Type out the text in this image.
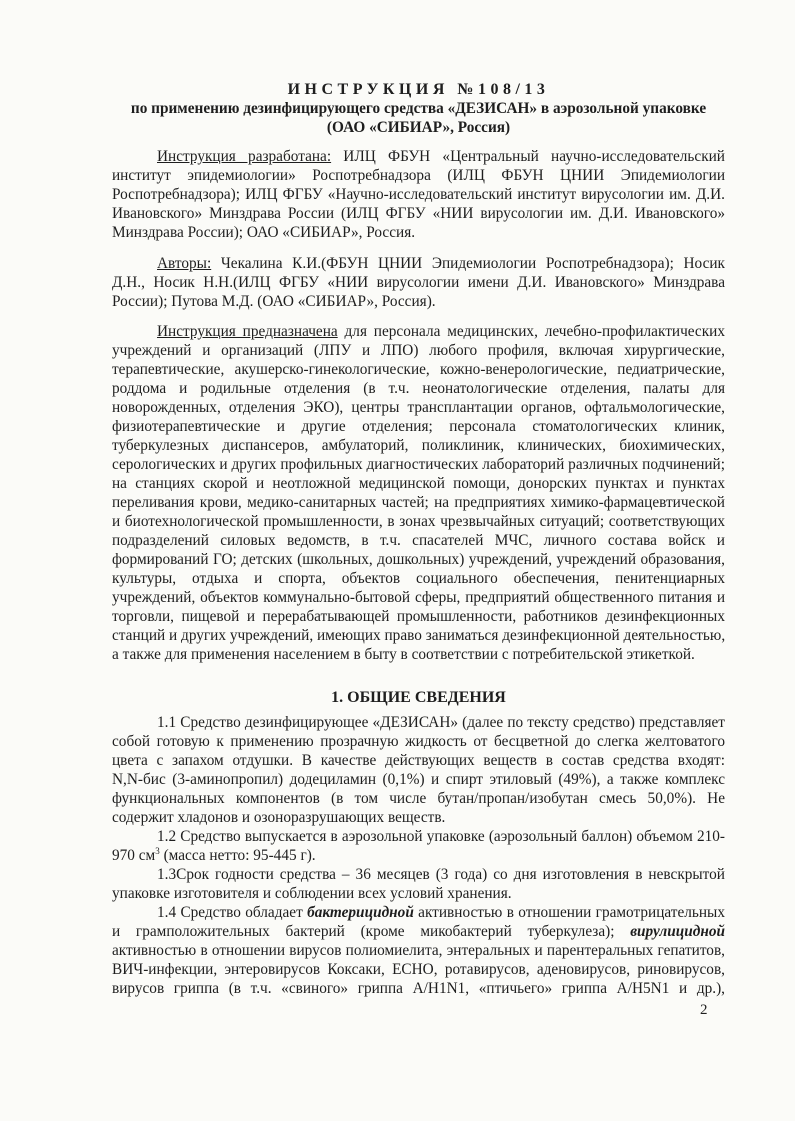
ИНСТРУКЦИЯ №108/13
по применению дезинфицирующего средства «ДЕЗИСАН» в аэрозольной упаковке
(ОАО «СИБИАР», Россия)
Инструкция разработана: ИЛЦ ФБУН «Центральный научно-исследовательский
институт эпидемиологии» Роспотребнадзора (ИЛЦ ФБУН ЦНИИ Эпидемиологии
Роспотребнадзора); ИЛЦ ФГБУ «Научно-исследовательский институт вирусологии им. Д.И.
Ивановского» Минздрава России (ИЛЦ ФГБУ «НИИ вирусологии им. Д.И. Ивановского»
Минздрава России); ОАО «СИБИАР», Россия.
Авторы: Чекалина К.И.(ФБУН ЦНИИ Эпидемиологии Роспотребнадзора); Носик
Д.Н., Носик Н.Н.(ИЛЦ ФГБУ «НИИ вирусологии имени Д.И. Ивановского» Минздрава
России); Путова М.Д. (ОАО «СИБИАР», Россия).
Инструкция предназначена для персонала медицинских, лечебно-профилактических
учреждений и организаций (ЛПУ и ЛПО) любого профиля, включая хирургические,
терапевтические, акушерско-гинекологические, кожно-венерологические, педиатрические,
роддома и родильные отделения (в т.ч. неонатологические отделения, палаты для
новорожденных, отделения ЭКО), центры трансплантации органов, офтальмологические,
физиотерапевтические и другие отделения; персонала стоматологических клиник,
туберкулезных диспансеров, амбулаторий, поликлиник, клинических, биохимических,
серологических и других профильных диагностических лабораторий различных подчинений;
на станциях скорой и неотложной медицинской помощи, донорских пунктах и пунктах
переливания крови, медико-санитарных частей; на предприятиях химико-фармацевтической
и биотехнологической промышленности, в зонах чрезвычайных ситуаций; соответствующих
подразделений силовых ведомств, в т.ч. спасателей МЧС, личного состава войск и
формирований ГО; детских (школьных, дошкольных) учреждений, учреждений образования,
культуры, отдыха и спорта, объектов социального обеспечения, пенитенциарных
учреждений, объектов коммунально-бытовой сферы, предприятий общественного питания и
торговли, пищевой и перерабатывающей промышленности, работников дезинфекционных
станций и других учреждений, имеющих право заниматься дезинфекционной деятельностью,
а также для применения населением в быту в соответствии с потребительской этикеткой.
1. ОБЩИЕ СВЕДЕНИЯ
1.1 Средство дезинфицирующее «ДЕЗИСАН» (далее по тексту средство) представляет
собой готовую к применению прозрачную жидкость от бесцветной до слегка желтоватого
цвета с запахом отдушки. В качестве действующих веществ в состав средства входят:
N,N-бис (3-аминопропил) додециламин (0,1%) и спирт этиловый (49%), а также комплекс
функциональных компонентов (в том числе бутан/пропан/изобутан смесь 50,0%). Не
содержит хладонов и озоноразрушающих веществ.
1.2 Средство выпускается в аэрозольной упаковке (аэрозольный баллон) объемом 210-
970 $см^3$ (масса нетто: 95-445 г).
1.3Срок годности средства – 36 месяцев (3 года) со дня изготовления в невскрытой
упаковке изготовителя и соблюдении всех условий хранения.
1.4 Средство обладает бактерицидной активностью в отношении грамотрицательных
и грамположительных бактерий (кроме микобактерий туберкулеза); вирулицидной
активностью в отношении вирусов полиомиелита, энтеральных и парентеральных гепатитов,
ВИЧ-инфекции, энтеровирусов Коксаки, ЕСНО, ротавирусов, аденовирусов, риновирусов,
вирусов гриппа (в т.ч. «свиного» гриппа A/H1N1, «птичьего» гриппа A/H5N1 и др.),
2
